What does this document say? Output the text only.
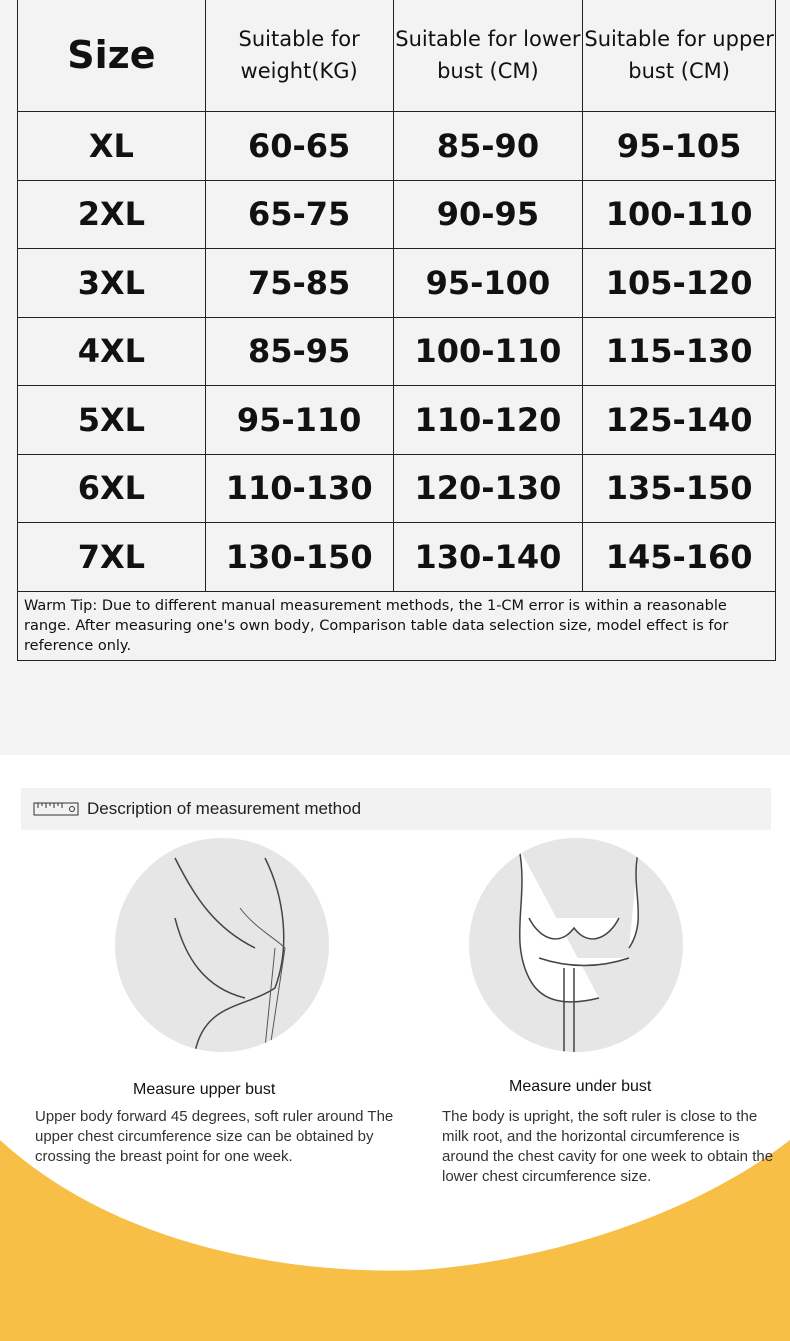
Size	Suitable for weight(KG)	Suitable for lower bust (CM)	Suitable for upper bust (CM)
XL	60-65	85-90	95-105
2XL	65-75	90-95	100-110
3XL	75-85	95-100	105-120
4XL	85-95	100-110	115-130
5XL	95-110	110-120	125-140
6XL	110-130	120-130	135-150
7XL	130-150	130-140	145-160
Warm Tip: Due to different manual measurement methods, the 1-CM error is within a reasonable range. After measuring one's own body, Comparison table data selection size, model effect is for reference only.			
Description of measurement method
Measure upper bust
Upper body forward 45 degrees, soft ruler around The upper chest circumference size can be obtained by crossing the breast point for one week.
Measure under bust
The body is upright, the soft ruler is close to the milk root, and the horizontal circumference is around the chest cavity for one week to obtain the lower chest circumference size.
